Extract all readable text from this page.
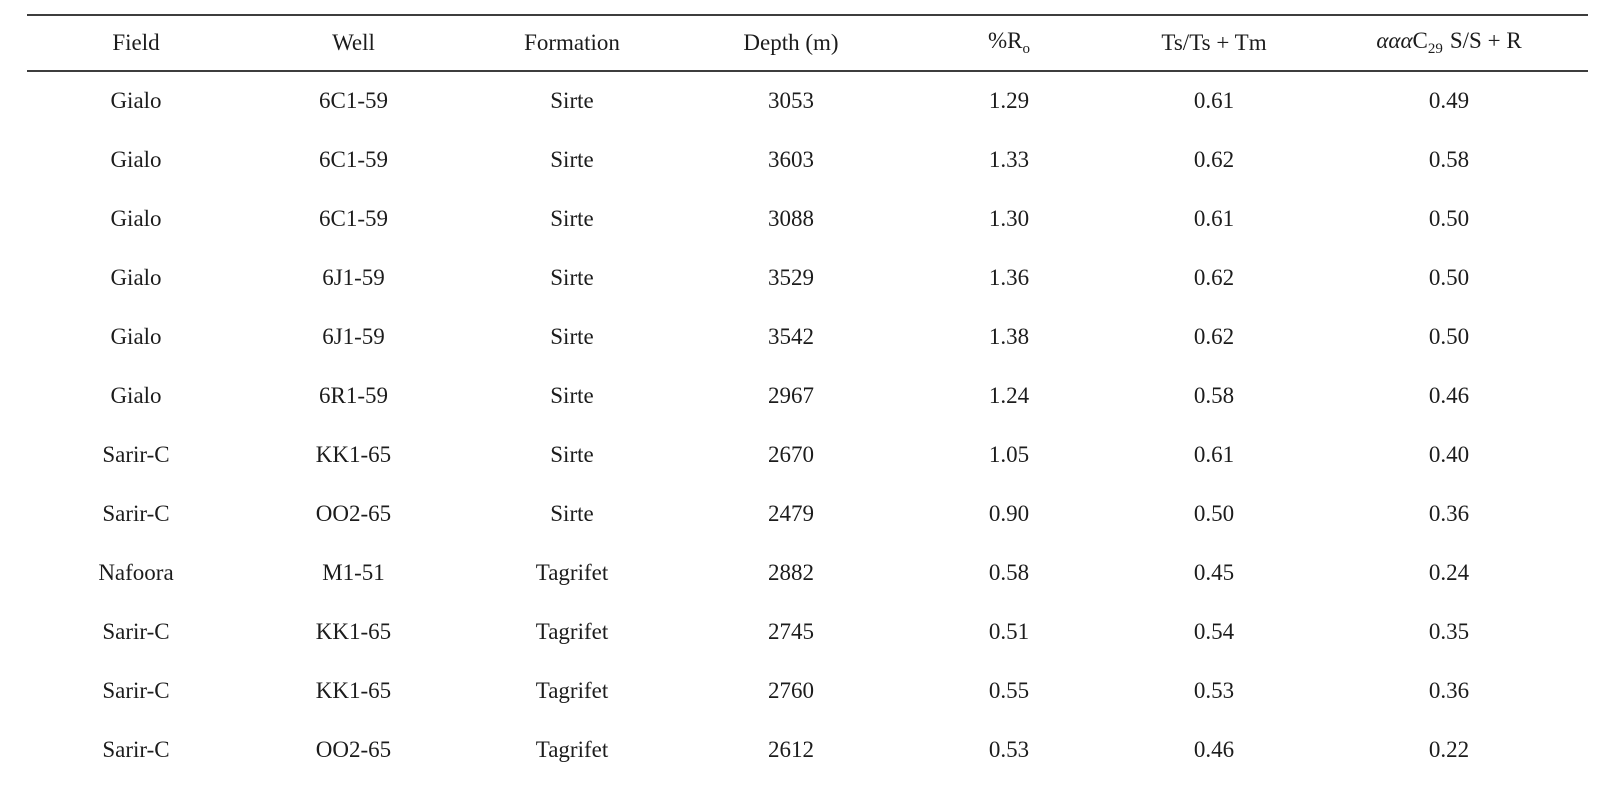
Field	Well	Formation	Depth (m)	$\%R_o$	Ts/Ts + Tm	αααC$_{29}$ S/S + R
Gialo	6C1-59	Sirte	3053	1.29	0.61	0.49
Gialo	6C1-59	Sirte	3603	1.33	0.62	0.58
Gialo	6C1-59	Sirte	3088	1.30	0.61	0.50
Gialo	6J1-59	Sirte	3529	1.36	0.62	0.50
Gialo	6J1-59	Sirte	3542	1.38	0.62	0.50
Gialo	6R1-59	Sirte	2967	1.24	0.58	0.46
Sarir-C	KK1-65	Sirte	2670	1.05	0.61	0.40
Sarir-C	OO2-65	Sirte	2479	0.90	0.50	0.36
Nafoora	M1-51	Tagrifet	2882	0.58	0.45	0.24
Sarir-C	KK1-65	Tagrifet	2745	0.51	0.54	0.35
Sarir-C	KK1-65	Tagrifet	2760	0.55	0.53	0.36
Sarir-C	OO2-65	Tagrifet	2612	0.53	0.46	0.22
